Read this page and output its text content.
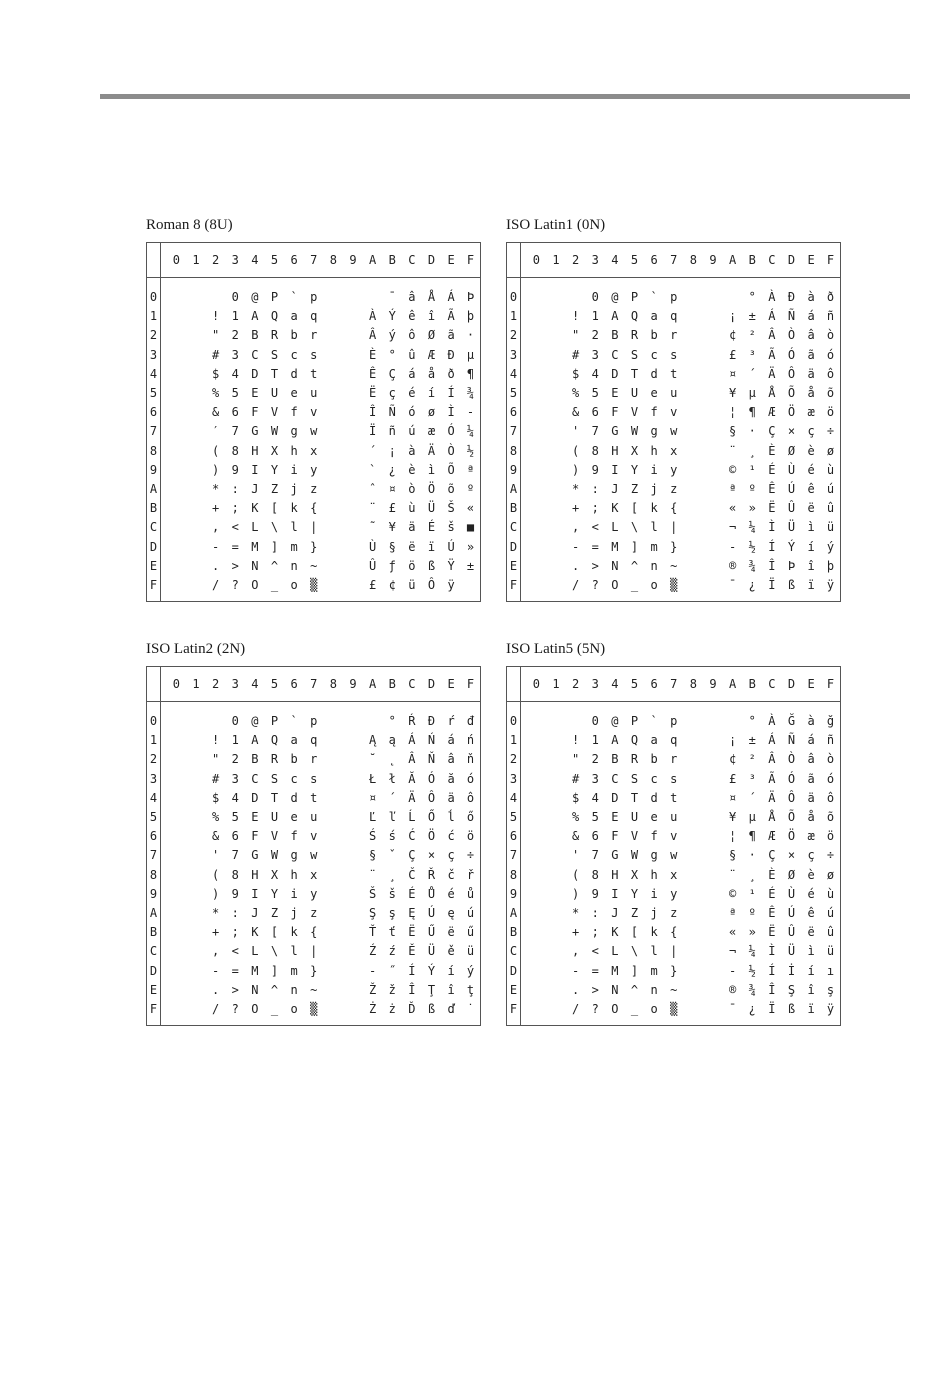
Roman 8 (8U)
		0	1	2	3	4	5	6	7	8	9	A	B	C	D	E	F
0					0	@	P	`	p				¯	â	Å	Á	Þ
1				!	1	A	Q	a	q			À	Ý	ê	î	Ã	þ
2				"	2	B	R	b	r			Â	ý	ô	Ø	ã	·
3				#	3	C	S	c	s			È	°	û	Æ	Ð	µ
4				$	4	D	T	d	t			Ê	Ç	á	å	ð	¶
5				%	5	E	U	e	u			Ë	ç	é	í	Í	¾
6				&	6	F	V	f	v			Î	Ñ	ó	ø	Ì	-
7				′	7	G	W	g	w			Ï	ñ	ú	æ	Ó	¼
8				(	8	H	X	h	x			´	¡	à	Ä	Ò	½
9				)	9	I	Y	i	y			`	¿	è	ì	Õ	ª
A				*	:	J	Z	j	z			ˆ	¤	ò	Ö	õ	º
B				+	;	K	[	k	{			¨	£	ù	Ü	Š	«
C				,	<	L	\	l	|			˜	¥	ä	É	š	■
D				-	=	M	]	m	}			Ù	§	ë	ï	Ú	»
E				.	>	N	^	n	~			Û	ƒ	ö	ß	Ÿ	±
F				/	?	O	_	o	▒			£	¢	ü	Ô	ÿ	
ISO Latin1 (0N)
		0	1	2	3	4	5	6	7	8	9	A	B	C	D	E	F
0					0	@	P	`	p				°	À	Ð	à	ð
1				!	1	A	Q	a	q			¡	±	Á	Ñ	á	ñ
2				"	2	B	R	b	r			¢	²	Â	Ò	â	ò
3				#	3	C	S	c	s			£	³	Ã	Ó	ã	ó
4				$	4	D	T	d	t			¤	´	Ä	Ô	ä	ô
5				%	5	E	U	e	u			¥	µ	Å	Õ	å	õ
6				&	6	F	V	f	v			¦	¶	Æ	Ö	æ	ö
7				'	7	G	W	g	w			§	·	Ç	×	ç	÷
8				(	8	H	X	h	x			¨	¸	È	Ø	è	ø
9				)	9	I	Y	i	y			©	¹	É	Ù	é	ù
A				*	:	J	Z	j	z			ª	º	Ê	Ú	ê	ú
B				+	;	K	[	k	{			«	»	Ë	Û	ë	û
C				,	<	L	\	l	|			¬	¼	Ì	Ü	ì	ü
D				-	=	M	]	m	}			-	½	Í	Ý	í	ý
E				.	>	N	^	n	~			®	¾	Î	Þ	î	þ
F				/	?	O	_	o	▒			¯	¿	Ï	ß	ï	ÿ
ISO Latin2 (2N)
		0	1	2	3	4	5	6	7	8	9	A	B	C	D	E	F
0					0	@	P	`	p				°	Ŕ	Đ	ŕ	đ
1				!	1	A	Q	a	q			Ą	ą	Á	Ń	á	ń
2				"	2	B	R	b	r			˘	˛	Â	Ň	â	ň
3				#	3	C	S	c	s			Ł	ł	Ă	Ó	ă	ó
4				$	4	D	T	d	t			¤	´	Ä	Ô	ä	ô
5				%	5	E	U	e	u			Ľ	ľ	Ĺ	Ő	ĺ	ő
6				&	6	F	V	f	v			Ś	ś	Ć	Ö	ć	ö
7				'	7	G	W	g	w			§	ˇ	Ç	×	ç	÷
8				(	8	H	X	h	x			¨	¸	Č	Ř	č	ř
9				)	9	I	Y	i	y			Š	š	É	Ů	é	ů
A				*	:	J	Z	j	z			Ş	ş	Ę	Ú	ę	ú
B				+	;	K	[	k	{			Ť	ť	Ë	Ű	ë	ű
C				,	<	L	\	l	|			Ź	ź	Ě	Ü	ě	ü
D				-	=	M	]	m	}			-	˝	Í	Ý	í	ý
E				.	>	N	^	n	~			Ž	ž	Î	Ţ	î	ţ
F				/	?	O	_	o	▒			Ż	ż	Ď	ß	ď	˙
ISO Latin5 (5N)
		0	1	2	3	4	5	6	7	8	9	A	B	C	D	E	F
0					0	@	P	`	p				°	À	Ğ	à	ğ
1				!	1	A	Q	a	q			¡	±	Á	Ñ	á	ñ
2				"	2	B	R	b	r			¢	²	Â	Ò	â	ò
3				#	3	C	S	c	s			£	³	Ã	Ó	ã	ó
4				$	4	D	T	d	t			¤	´	Ä	Ô	ä	ô
5				%	5	E	U	e	u			¥	µ	Å	Õ	å	õ
6				&	6	F	V	f	v			¦	¶	Æ	Ö	æ	ö
7				'	7	G	W	g	w			§	·	Ç	×	ç	÷
8				(	8	H	X	h	x			¨	¸	È	Ø	è	ø
9				)	9	I	Y	i	y			©	¹	É	Ù	é	ù
A				*	:	J	Z	j	z			ª	º	Ê	Ú	ê	ú
B				+	;	K	[	k	{			«	»	Ë	Û	ë	û
C				,	<	L	\	l	|			¬	¼	Ì	Ü	ì	ü
D				-	=	M	]	m	}			-	½	Í	İ	í	ı
E				.	>	N	^	n	~			®	¾	Î	Ş	î	ş
F				/	?	O	_	o	▒			¯	¿	Ï	ß	ï	ÿ
